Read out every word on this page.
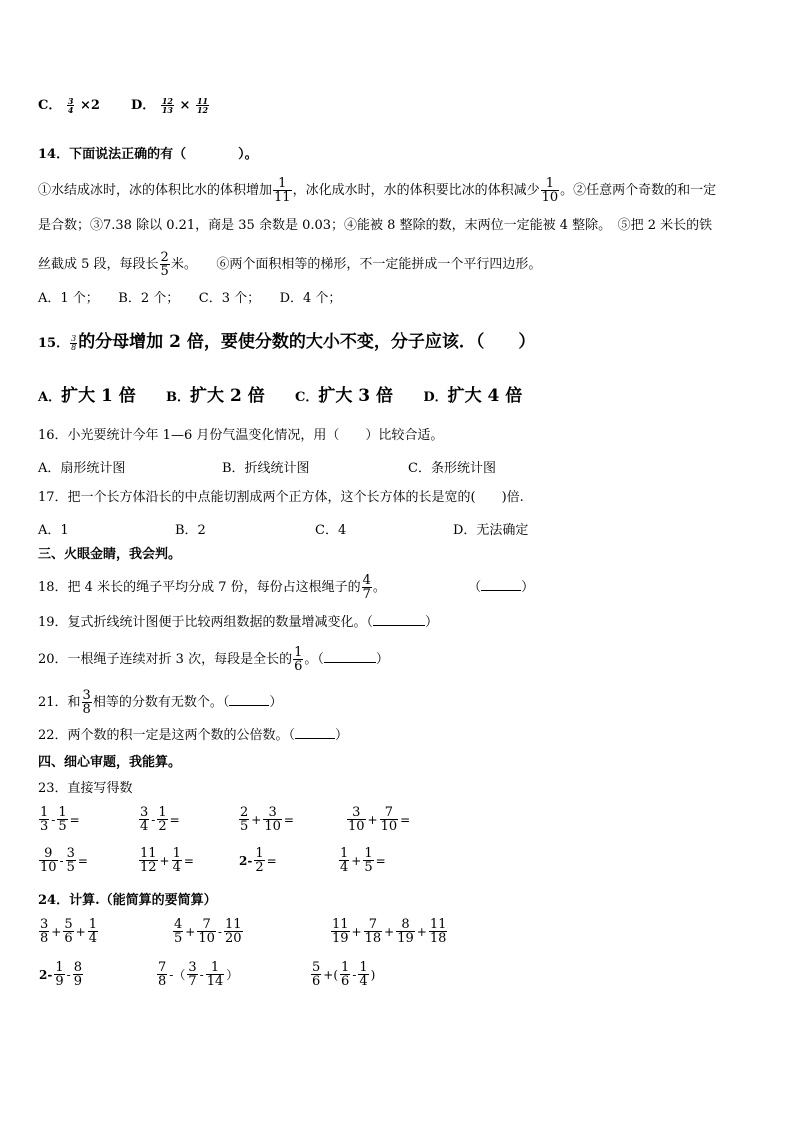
C． $\frac{3}{4} \times 2$ D． $\frac{12}{13} \times \frac{11}{12}$
14．下面说法正确的有（　　　　）。
①水结成冰时，冰的体积比水的体积增加 $\frac{1}{11}$ ，冰化成水时，水的体积要比冰的体积减少 $\frac{1}{10}$ 。②任意两个奇数的和一定
是合数；③7.38 除以 0.21，商是 35 余数是 0.03；④能被 8 整除的数，末两位一定能被 4 整除。　⑤把 2 米长的铁
丝截成 5 段，每段长 $\frac{2}{5}$ 米。　　⑥两个面积相等的梯形，不一定能拼成一个平行四边形。
A．1 个；　　B．2 个；　　C．3 个；　　D．4 个；
15． $\frac{3}{8}$ 的分母增加 2 倍，要使分数的大小不变，分子应该．（　　）
A．扩大 1 倍 B．扩大 2 倍 C．扩大 3 倍 D．扩大 4 倍
16．小光要统计今年 1—6 月份气温变化情况，用（　　）比较合适。
A．扇形统计图	B．折线统计图	C．条形统计图
17．把一个长方体沿长的中点能切割成两个正方体，这个长方体的长是宽的(　　)倍.
A．1	B．2	C．4	D．无法确定
三、火眼金睛，我会判。
18．把 4 米长的绳子平均分成 7 份，每份占这根绳子的 $\frac{4}{7}$ 。	（	）
19．复式折线统计图便于比较两组数据的数量增减变化。（	）
20．一根绳子连续对折 3 次，每段是全长的 $\frac{1}{6}$ 。（	）
21．和 $\frac{3}{8}$ 相等的分数有无数个。（	）
22．两个数的积一定是这两个数的公倍数。（	）
四、细心审题，我能算。
23．直接写得数
$\frac{1}{3} - \frac{1}{5}$ =	$\frac{3}{4} - \frac{1}{2}$ =	$\frac{2}{5} + \frac{3}{10}$ =	$\frac{3}{10} + \frac{7}{10}$ =
$\frac{9}{10} - \frac{3}{5}$ =	$\frac{11}{12} + \frac{1}{4}$ =	$2- \frac{1}{2}$ =	$\frac{1}{4} + \frac{1}{5}$ =
24．计算.（能简算的要简算）
$\frac{3}{8} + \frac{5}{6} + \frac{1}{4}$	$\frac{4}{5} + \frac{7}{10} - \frac{11}{20}$	$\frac{11}{19} + \frac{7}{18} + \frac{8}{19} + \frac{11}{18}$
$2- \frac{1}{9} - \frac{8}{9}$	$\frac{7}{8}$ -（ $\frac{3}{7} - \frac{1}{14}$ ）	$\frac{5}{6}$ +( $\frac{1}{6} - \frac{1}{4}$ )
